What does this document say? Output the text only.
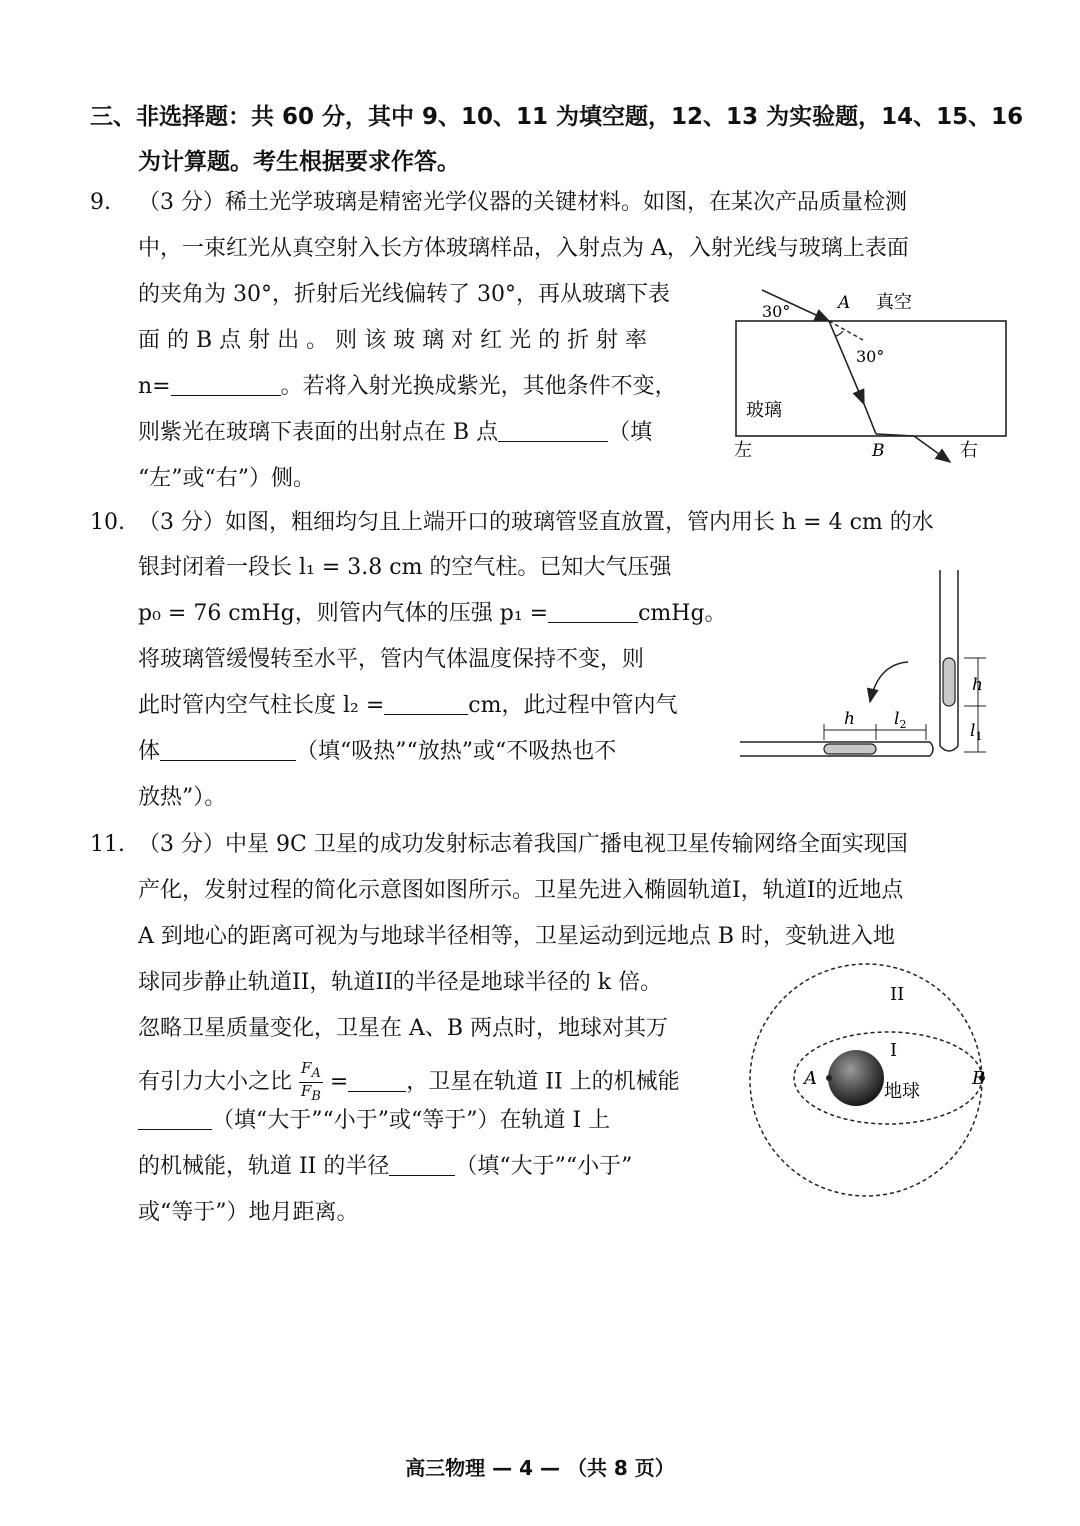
三、非选择题：共 60 分，其中 9、10、11 为填空题，12、13 为实验题，14、15、16
为计算题。考生根据要求作答。
9. （3 分）稀土光学玻璃是精密光学仪器的关键材料。如图，在某次产品质量检测
中，一束红光从真空射入长方体玻璃样品，入射点为 A，入射光线与玻璃上表面
的夹角为 30°，折射后光线偏转了 30°，再从玻璃下表
面 的 B 点 射 出 。 则 该 玻 璃 对 红 光 的 折 射 率
n=	。若将入射光换成紫光，其他条件不变，
则紫光在玻璃下表面的出射点在 B 点	（填
“左”或“右”）侧。
30°	A 真空
30°
玻璃
左	B	右
10. （3 分）如图，粗细均匀且上端开口的玻璃管竖直放置，管内用长 h = 4 cm 的水
银封闭着一段长 l₁ = 3.8 cm 的空气柱。已知大气压强
p₀ = 76 cmHg，则管内气体的压强 p₁ =	cmHg。
将玻璃管缓慢转至水平，管内气体温度保持不变，则
此时管内空气柱长度 l₂ =	cm，此过程中管内气
体	（填“吸热”“放热”或“不吸热也不
放热”）。
h
$l_1$
h $l_2$
11. （3 分）中星 9C 卫星的成功发射标志着我国广播电视卫星传输网络全面实现国
产化，发射过程的简化示意图如图所示。卫星先进入椭圆轨道I，轨道I的近地点
A 到地心的距离可视为与地球半径相等，卫星运动到远地点 B 时，变轨进入地
球同步静止轨道II，轨道II的半径是地球半径的 k 倍。
忽略卫星质量变化，卫星在 A、B 两点时，地球对其万
有引力大小之比 $\frac{F_A}{F_B}$ =	，卫星在轨道 II 上的机械能
（填“大于”“小于”或“等于”）在轨道 I 上
的机械能，轨道 II 的半径	（填“大于”“小于”
或“等于”）地月距离。
II
I
A	B
地球
高三物理 — 4 — （共 8 页）
